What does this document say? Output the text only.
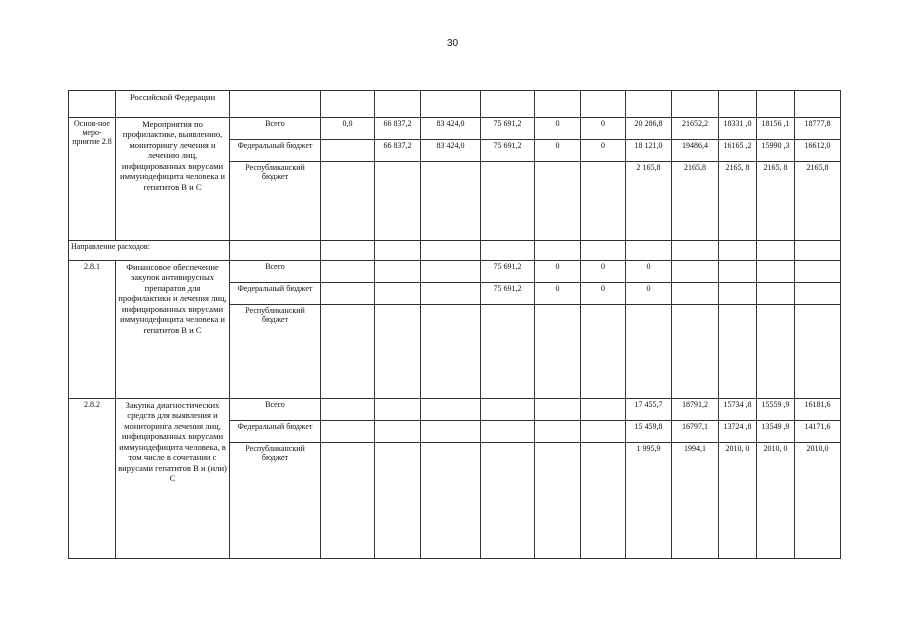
30
	Российской Федерации												
Основ-ное меро-приятие 2.8	Мероприятия по профилактике, выявлению, мониторингу лечения и лечению лиц, инфицированных вирусами иммунодефицита человека и гепатитов B и C	Всего	0,0	66 837,2	83 424,0	75 691,2	0	0	20 286,8	21652,2	18331 ,0	18156 ,1	18777,8
		Федеральный бюджет		66 837,2	83 424,0	75 691,2	0	0	18 121,0	19486,4	16165 ,2	15990 ,3	16612,0
		Республиканский бюджет							2 165,8	2165,8	2165, 8	2165, 8	2165,8
Направление расходов:													
2.8.1	Финансовое обеспечение закупок антивирусных препаратов для профилактики и лечения лиц, инфицированных вирусами иммунодефицита человека и гепатитов B и C	Всего				75 691,2	0	0	0				
		Федеральный бюджет				75 691,2	0	0	0				
		Республиканский бюджет											
2.8.2	Закупка диагностических средств для выявления и мониторинга лечения лиц, инфицированных вирусами иммунодефицита человека, в том числе в сочетании с вирусами гепатитов B и (или) C	Всего							17 455,7	18791,2	15734 ,8	15559 ,9	16181,6
		Федеральный бюджет							15 459,8	16797,1	13724 ,8	13549 ,9	14171,6
		Республиканский бюджет							1 995,9	1994,1	2010, 0	2010, 0	2010,0
